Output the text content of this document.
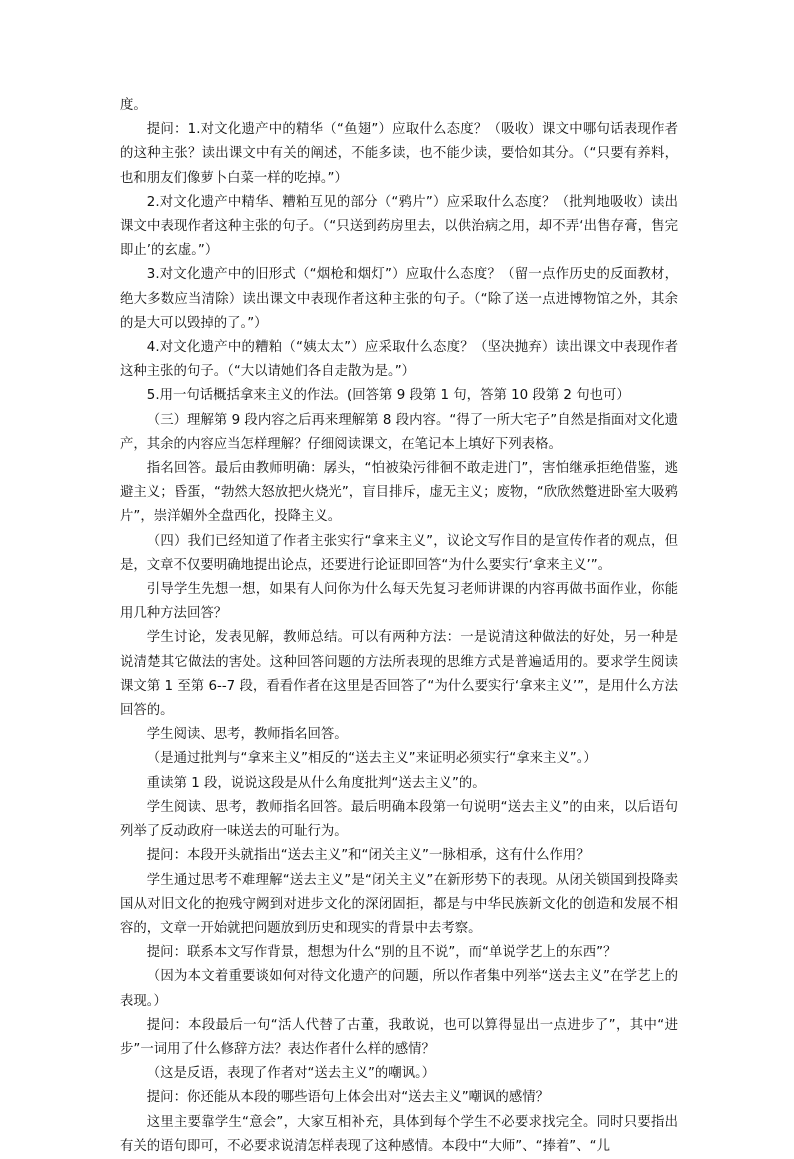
度。

提问：1.对文化遗产中的精华（“鱼翅”）应取什么态度？（吸收）课文中哪句话表现作者的这种主张？读出课文中有关的阐述，不能多读，也不能少读，要恰如其分。（“只要有养料，也和朋友们像萝卜白菜一样的吃掉。”）

2.对文化遗产中精华、糟粕互见的部分（“鸦片”）应采取什么态度？（批判地吸收）读出课文中表现作者这种主张的句子。（“只送到药房里去，以供治病之用，却不弄‘出售存膏，售完即止’的玄虚。”）

3.对文化遗产中的旧形式（“烟枪和烟灯”）应取什么态度？（留一点作历史的反面教材，绝大多数应当清除）读出课文中表现作者这种主张的句子。（“除了送一点进博物馆之外，其余的是大可以毁掉的了。”）

4.对文化遗产中的糟粕（“姨太太”）应采取什么态度？（坚决抛弃）读出课文中表现作者这种主张的句子。（“大以请她们各自走散为是。”）

5.用一句话概括拿来主义的作法。(回答第 9 段第 1 句，答第 10 段第 2 句也可）

（三）理解第 9 段内容之后再来理解第 8 段内容。“得了一所大宅子”自然是指面对文化遗产，其余的内容应当怎样理解？仔细阅读课文，在笔记本上填好下列表格。

指名回答。最后由教师明确：孱头，“怕被染污徘徊不敢走进门”，害怕继承拒绝借鉴，逃避主义；昏蛋，“勃然大怒放把火烧光”，盲目排斥，虚无主义；废物，“欣欣然蹩进卧室大吸鸦片”，崇洋媚外全盘西化，投降主义。

（四）我们已经知道了作者主张实行“拿来主义”，议论文写作目的是宣传作者的观点，但是，文章不仅要明确地提出论点，还要进行论证即回答“为什么要实行‘拿来主义’”。

引导学生先想一想，如果有人问你为什么每天先复习老师讲课的内容再做书面作业，你能用几种方法回答？

学生讨论，发表见解，教师总结。可以有两种方法：一是说清这种做法的好处，另一种是说清楚其它做法的害处。这种回答问题的方法所表现的思维方式是普遍适用的。要求学生阅读课文第 1 至第 6--7 段，看看作者在这里是否回答了“为什么要实行‘拿来主义’”，是用什么方法回答的。

学生阅读、思考，教师指名回答。

（是通过批判与“拿来主义”相反的“送去主义”来证明必须实行“拿来主义”。）

重读第 1 段，说说这段是从什么角度批判“送去主义”的。

学生阅读、思考，教师指名回答。最后明确本段第一句说明“送去主义”的由来，以后语句列举了反动政府一味送去的可耻行为。

提问：本段开头就指出“送去主义”和“闭关主义”一脉相承，这有什么作用？

学生通过思考不难理解“送去主义”是“闭关主义”在新形势下的表现。从闭关锁国到投降卖国从对旧文化的抱残守阙到对进步文化的深闭固拒，都是与中华民族新文化的创造和发展不相容的，文章一开始就把问题放到历史和现实的背景中去考察。

提问：联系本文写作背景，想想为什么“别的且不说”，而“单说学艺上的东西”？

（因为本文着重要谈如何对待文化遗产的问题，所以作者集中列举“送去主义”在学艺上的表现。）

提问：本段最后一句“活人代替了古董，我敢说，也可以算得显出一点进步了”，其中“进步”一词用了什么修辞方法？表达作者什么样的感情？

（这是反语，表现了作者对“送去主义”的嘲讽。）

提问：你还能从本段的哪些语句上体会出对“送去主义”嘲讽的感情？

这里主要靠学生“意会”，大家互相补充，具体到每个学生不必要求找完全。同时只要指出有关的语句即可，不必要求说清怎样表现了这种感情。本段中“大师”、“捧着”、“儿
